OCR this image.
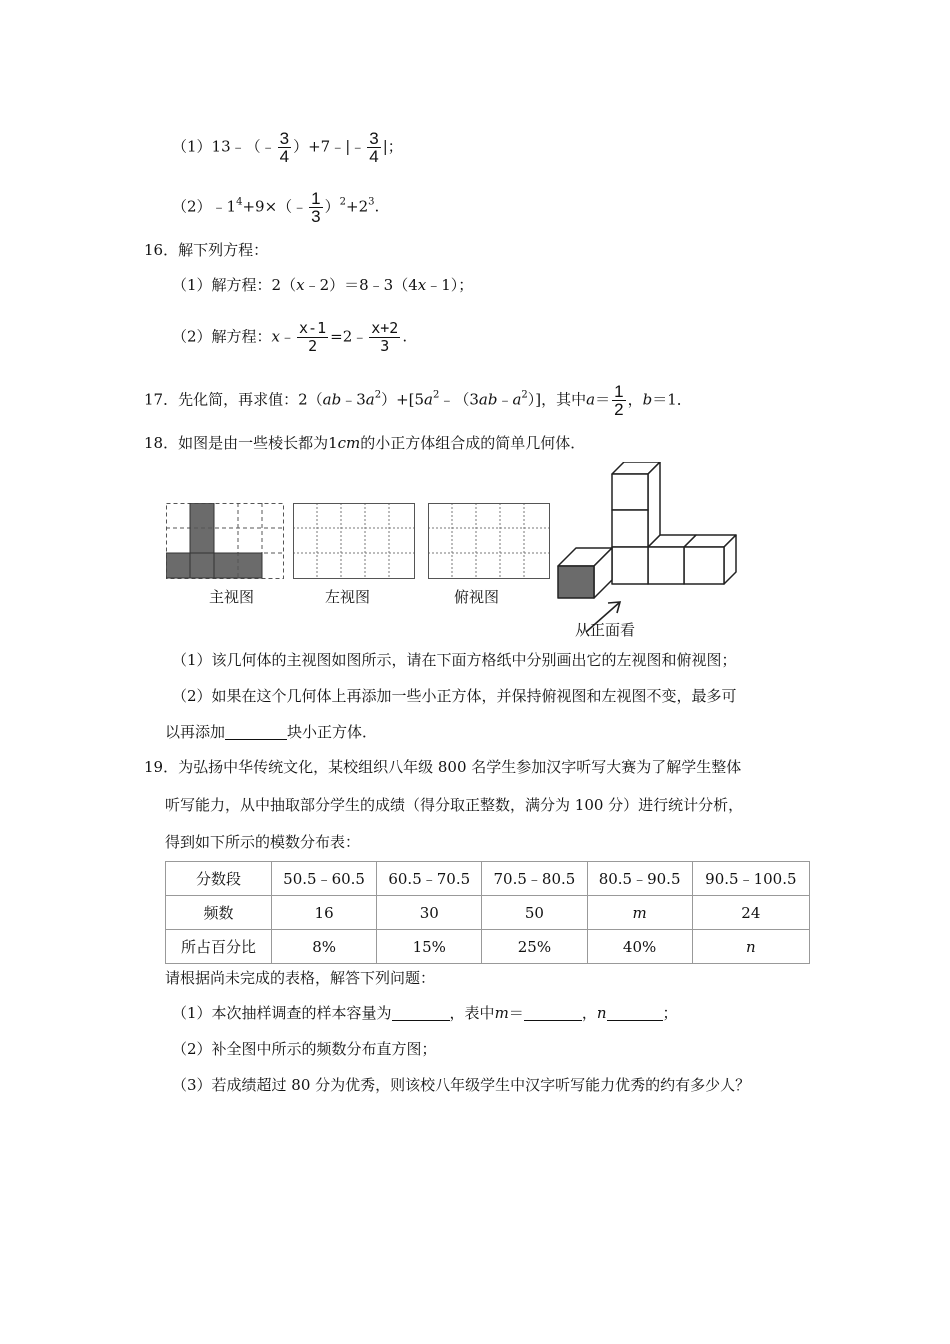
（1）13﹣（﹣ $\frac{3}{4}$ ）+7﹣|﹣ $\frac{3}{4}$ |；
$(2)﹣1^4+9\times(﹣ \frac{1}{3} )^2+2^3$.
16．解下列方程：
（1）解方程：2（x﹣2）＝8﹣3（4x﹣1）；
（2）解方程：x﹣ $\frac{x-1}{2}$ =2﹣ $\frac{x+2}{3}$ .
17．先化简，再求值：$2(ab﹣3a^2)+[5a^2﹣(3ab﹣a^2)]$，其中$a= \frac{1}{2}$ ，b＝1．
18．如图是由一些棱长都为1cm的小正方体组合成的简单几何体．
主视图	左视图	俯视图
从正面看
（1）该几何体的主视图如图所示，请在下面方格纸中分别画出它的左视图和俯视图；
（2）如果在这个几何体上再添加一些小正方体，并保持俯视图和左视图不变，最多可
以再添加	块小正方体．
19．为弘扬中华传统文化，某校组织八年级 800 名学生参加汉字听写大赛为了解学生整体
听写能力，从中抽取部分学生的成绩（得分取正整数，满分为 100 分）进行统计分析，
得到如下所示的模数分布表：
分数段	50.5﹣60.5	60.5﹣70.5	70.5﹣80.5	80.5﹣90.5	90.5﹣100.5
频数	16	30	50	m	24
所占百分比	8%	15%	25%	40%	n
请根据尚未完成的表格，解答下列问题：
（1）本次抽样调查的样本容量为	，表中m＝	，n	；
（2）补全图中所示的频数分布直方图；
（3）若成绩超过 80 分为优秀，则该校八年级学生中汉字听写能力优秀的约有多少人？
